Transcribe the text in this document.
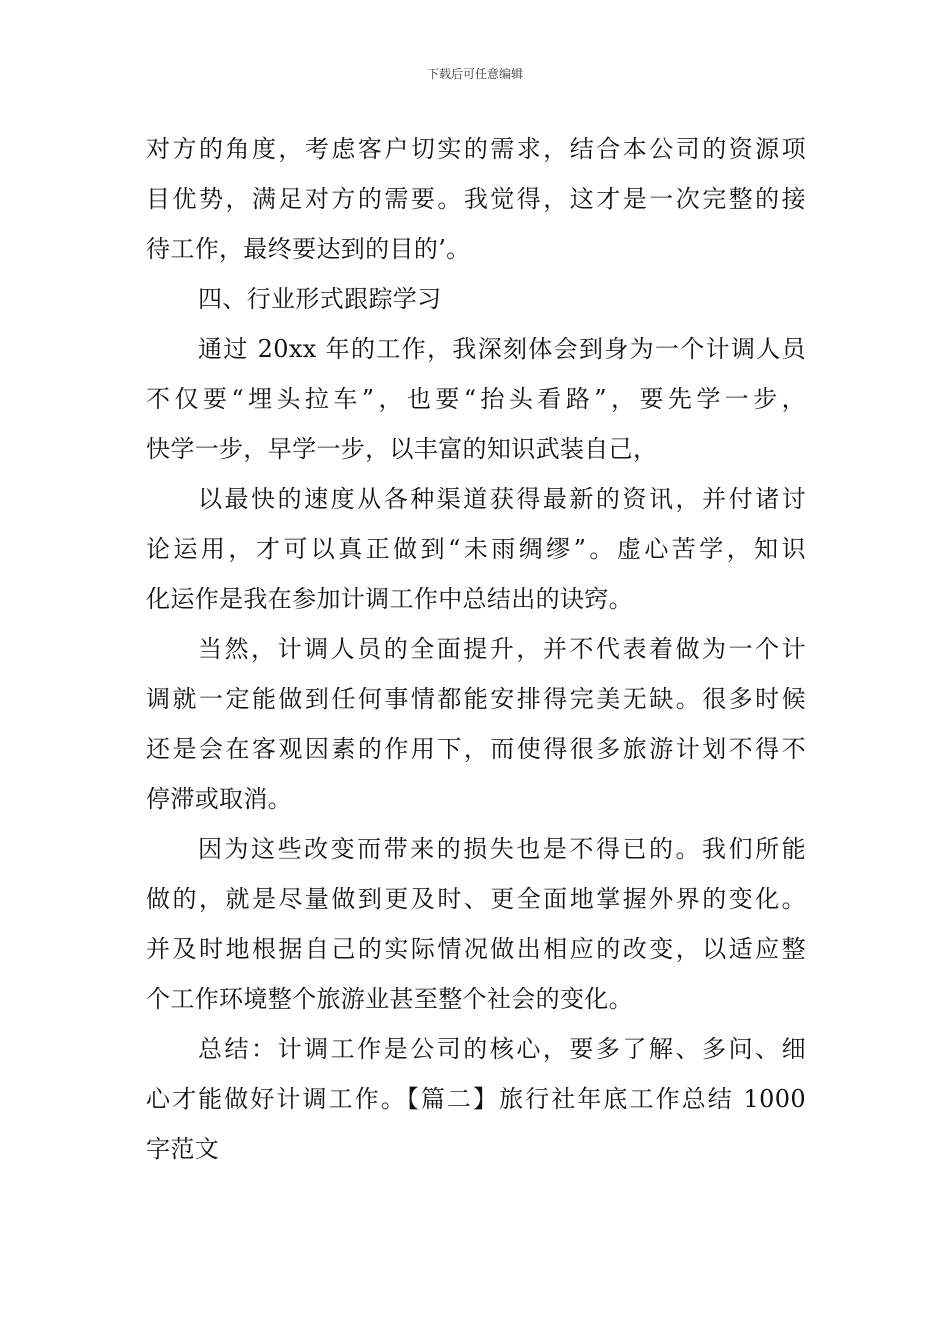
下载后可任意编辑
对方的角度，考虑客户切实的需求，结合本公司的资源项
目优势，满足对方的需要。我觉得，这才是一次完整的接
待工作，最终要达到的目的’。
四、行业形式跟踪学习
通过 20xx 年的工作，我深刻体会到身为一个计调人员
不仅要“埋头拉车”，也要“抬头看路”，要先学一步，
快学一步，早学一步，以丰富的知识武装自己，
以最快的速度从各种渠道获得最新的资讯，并付诸讨
论运用，才可以真正做到“未雨绸缪”。虚心苦学，知识
化运作是我在参加计调工作中总结出的诀窍。
当然，计调人员的全面提升，并不代表着做为一个计
调就一定能做到任何事情都能安排得完美无缺。很多时候
还是会在客观因素的作用下，而使得很多旅游计划不得不
停滞或取消。
因为这些改变而带来的损失也是不得已的。我们所能
做的，就是尽量做到更及时、更全面地掌握外界的变化。
并及时地根据自己的实际情况做出相应的改变，以适应整
个工作环境整个旅游业甚至整个社会的变化。
总结：计调工作是公司的核心，要多了解、多问、细
心才能做好计调工作。【篇二】旅行社年底工作总结 1000
字范文
